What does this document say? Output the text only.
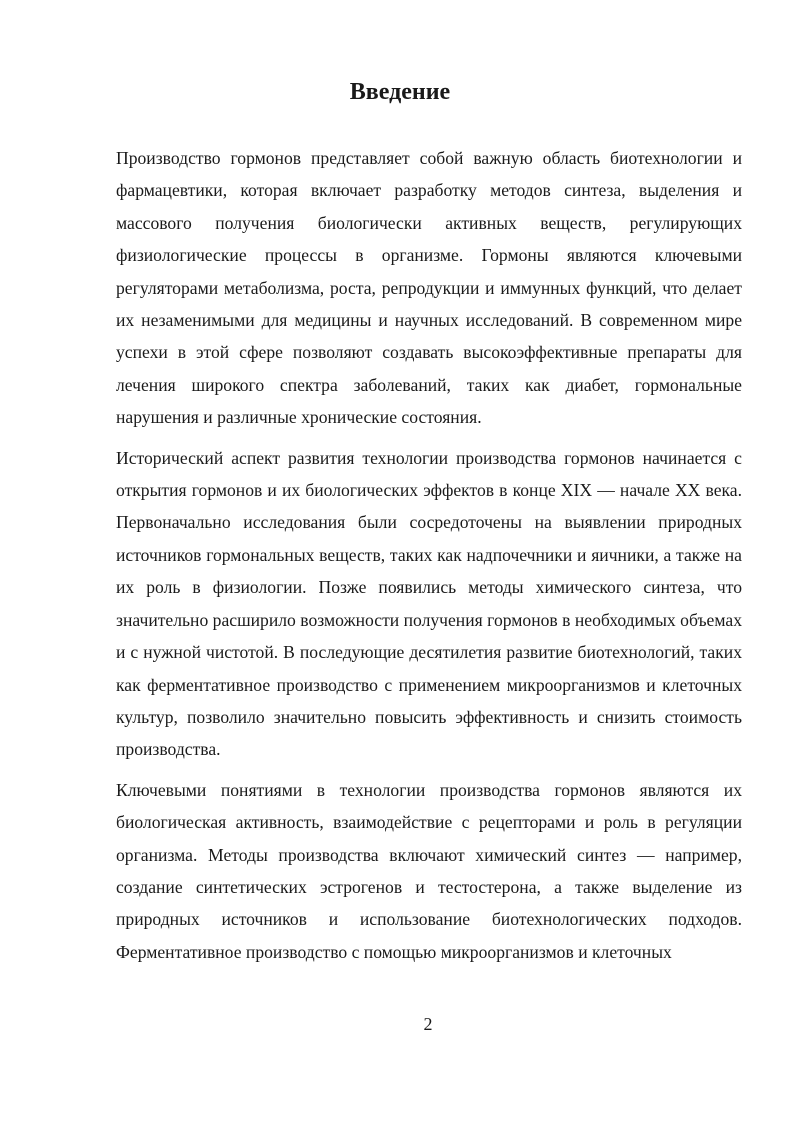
Введение

Производство гормонов представляет собой важную область биотехнологии и фармацевтики, которая включает разработку методов синтеза, выделения и массового получения биологически активных веществ, регулирующих физиологические процессы в организме. Гормоны являются ключевыми регуляторами метаболизма, роста, репродукции и иммунных функций, что делает их незаменимыми для медицины и научных исследований. В современном мире успехи в этой сфере позволяют создавать высокоэффективные препараты для лечения широкого спектра заболеваний, таких как диабет, гормональные нарушения и различные хронические состояния.

Исторический аспект развития технологии производства гормонов начинается с открытия гормонов и их биологических эффектов в конце XIX — начале XX века. Первоначально исследования были сосредоточены на выявлении природных источников гормональных веществ, таких как надпочечники и яичники, а также на их роль в физиологии. Позже появились методы химического синтеза, что значительно расширило возможности получения гормонов в необходимых объемах и с нужной чистотой. В последующие десятилетия развитие биотехнологий, таких как ферментативное производство с применением микроорганизмов и клеточных культур, позволило значительно повысить эффективность и снизить стоимость производства.

Ключевыми понятиями в технологии производства гормонов являются их биологическая активность, взаимодействие с рецепторами и роль в регуляции организма. Методы производства включают химический синтез — например, создание синтетических эстрогенов и тестостерона, а также выделение из природных источников и использование биотехнологических подходов. Ферментативное производство с помощью микроорганизмов и клеточных

2
